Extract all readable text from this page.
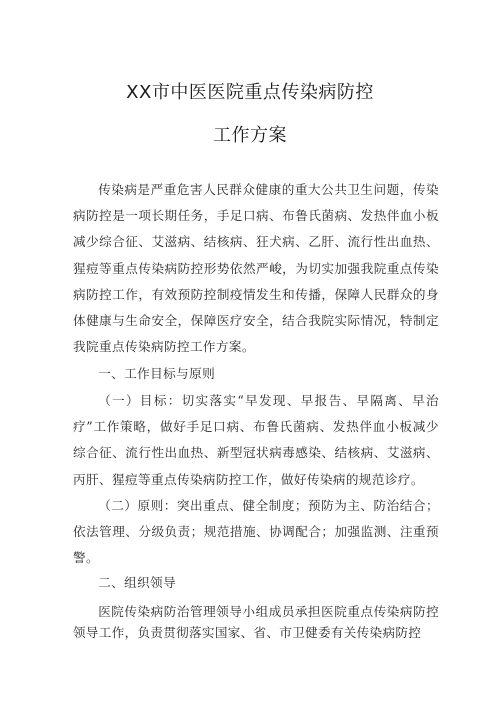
XX市中医医院重点传染病防控
工作方案

传染病是严重危害人民群众健康的重大公共卫生问题，传染病防控是一项长期任务，手足口病、布鲁氏菌病、发热伴血小板减少综合征、艾滋病、结核病、狂犬病、乙肝、流行性出血热、猩痘等重点传染病防控形势依然严峻，为切实加强我院重点传染病防控工作，有效预防控制疫情发生和传播，保障人民群众的身体健康与生命安全，保障医疗安全，结合我院实际情况，特制定我院重点传染病防控工作方案。

一、工作目标与原则

（一）目标：切实落实“早发现、早报告、早隔离、早治疗”工作策略，做好手足口病、布鲁氏菌病、发热伴血小板减少综合征、流行性出血热、新型冠状病毒感染、结核病、艾滋病、丙肝、猩痘等重点传染病防控工作，做好传染病的规范诊疗。

（二）原则：突出重点、健全制度；预防为主、防治结合；依法管理、分级负责；规范措施、协调配合；加强监测、注重预警。

二、组织领导

医院传染病防治管理领导小组成员承担医院重点传染病防控领导工作，负责贯彻落实国家、省、市卫健委有关传染病防控
